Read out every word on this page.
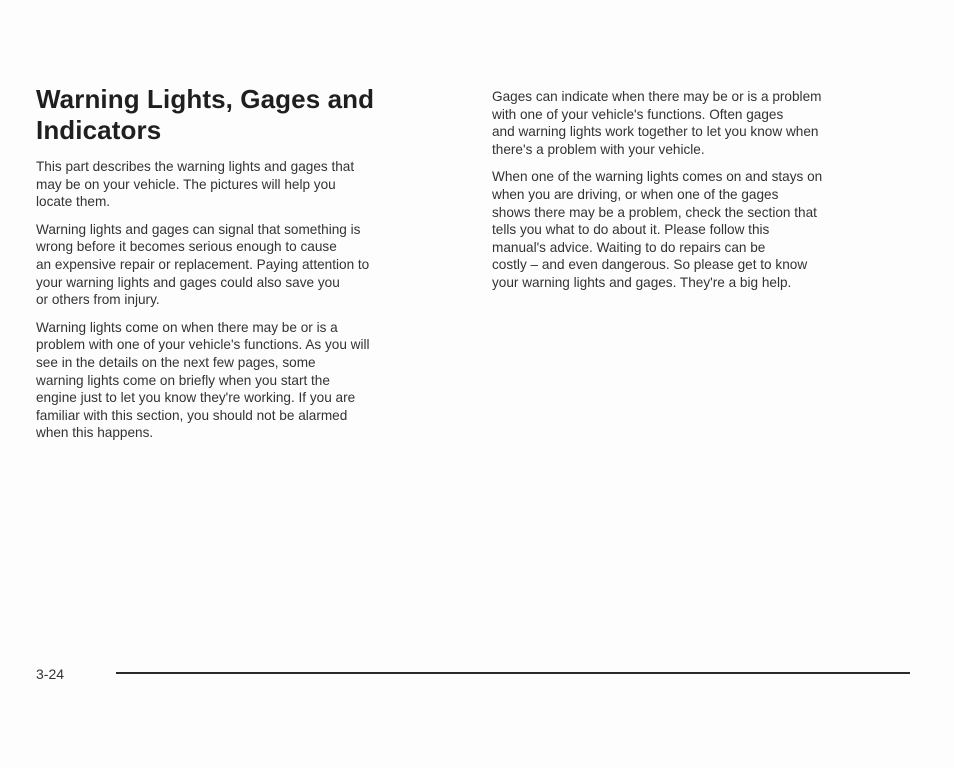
Warning Lights, Gages and Indicators

This part describes the warning lights and gages that
may be on your vehicle. The pictures will help you
locate them.

Warning lights and gages can signal that something is
wrong before it becomes serious enough to cause
an expensive repair or replacement. Paying attention to
your warning lights and gages could also save you
or others from injury.

Warning lights come on when there may be or is a
problem with one of your vehicle's functions. As you will
see in the details on the next few pages, some
warning lights come on briefly when you start the
engine just to let you know they're working. If you are
familiar with this section, you should not be alarmed
when this happens.

Gages can indicate when there may be or is a problem
with one of your vehicle's functions. Often gages
and warning lights work together to let you know when
there's a problem with your vehicle.

When one of the warning lights comes on and stays on
when you are driving, or when one of the gages
shows there may be a problem, check the section that
tells you what to do about it. Please follow this
manual's advice. Waiting to do repairs can be
costly – and even dangerous. So please get to know
your warning lights and gages. They're a big help.

3-24
